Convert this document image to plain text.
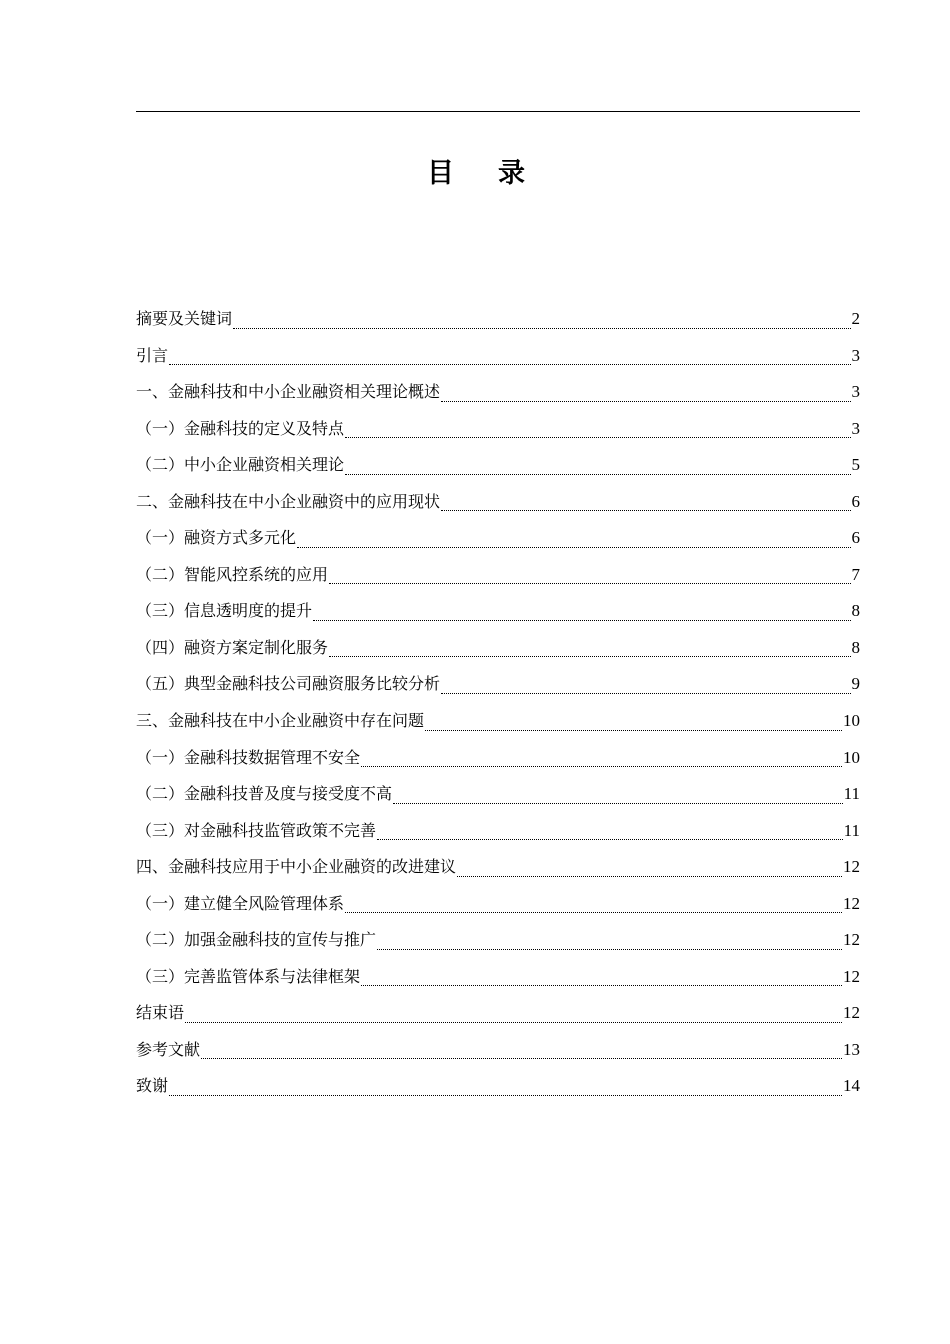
目录
摘要及关键词	2
引言	3
一、金融科技和中小企业融资相关理论概述	3
（一）金融科技的定义及特点	3
（二）中小企业融资相关理论	5
二、金融科技在中小企业融资中的应用现状	6
（一）融资方式多元化	6
（二）智能风控系统的应用	7
（三）信息透明度的提升	8
（四）融资方案定制化服务	8
（五）典型金融科技公司融资服务比较分析	9
三、金融科技在中小企业融资中存在问题	10
（一）金融科技数据管理不安全	10
（二）金融科技普及度与接受度不高	11
（三）对金融科技监管政策不完善	11
四、金融科技应用于中小企业融资的改进建议	12
（一）建立健全风险管理体系	12
（二）加强金融科技的宣传与推广	12
（三）完善监管体系与法律框架	12
结束语	12
参考文献	13
致谢	14
